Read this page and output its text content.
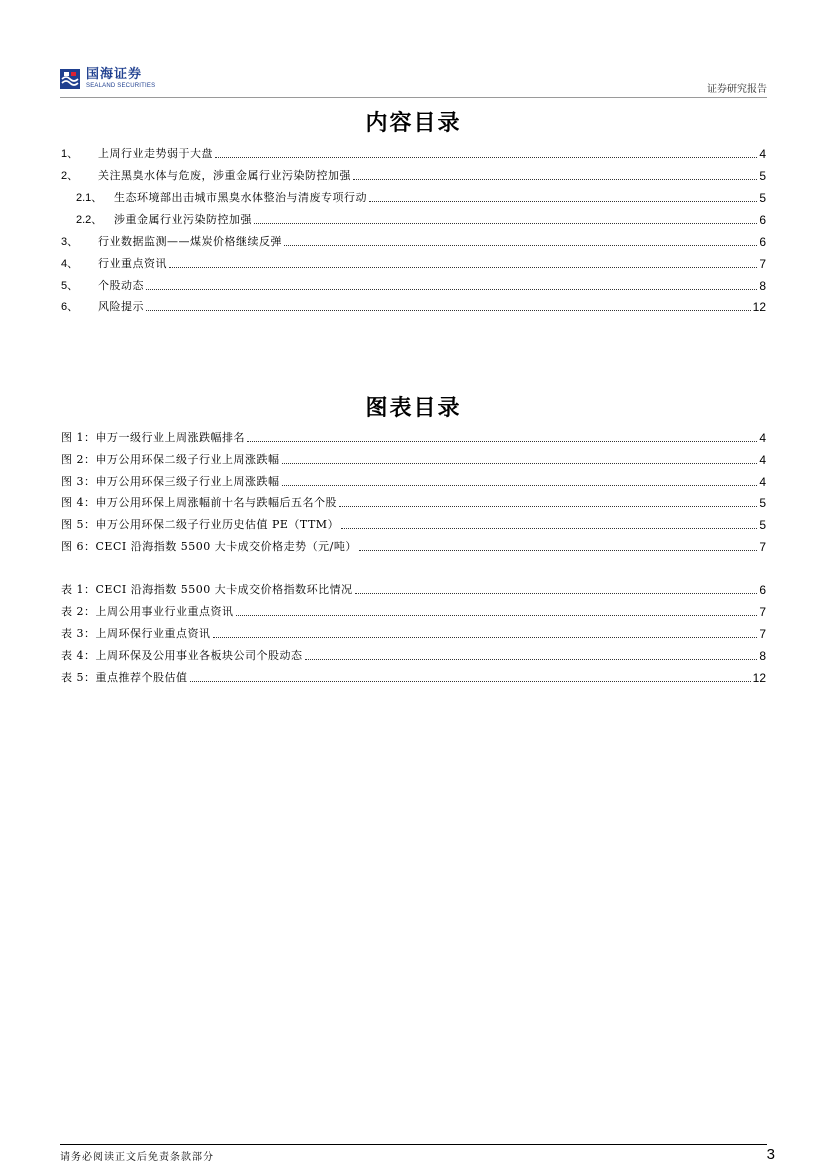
国海证券
SEALAND SECURITIES	证券研究报告
内容目录
1、	上周行业走势弱于大盘	4
2、	关注黑臭水体与危废，涉重金属行业污染防控加强	5
2.1、	生态环境部出击城市黑臭水体整治与清废专项行动	5
2.2、	涉重金属行业污染防控加强	6
3、	行业数据监测——煤炭价格继续反弹	6
4、	行业重点资讯	7
5、	个股动态	8
6、	风险提示	12
图表目录
图 1：申万一级行业上周涨跌幅排名	4
图 2：申万公用环保二级子行业上周涨跌幅	4
图 3：申万公用环保三级子行业上周涨跌幅	4
图 4：申万公用环保上周涨幅前十名与跌幅后五名个股	5
图 5：申万公用环保二级子行业历史估值 PE（TTM）	5
图 6：CECI 沿海指数 5500 大卡成交价格走势（元/吨）	7
表 1：CECI 沿海指数 5500 大卡成交价格指数环比情况	6
表 2：上周公用事业行业重点资讯	7
表 3：上周环保行业重点资讯	7
表 4：上周环保及公用事业各板块公司个股动态	8
表 5：重点推荐个股估值	12
请务必阅读正文后免责条款部分	3
